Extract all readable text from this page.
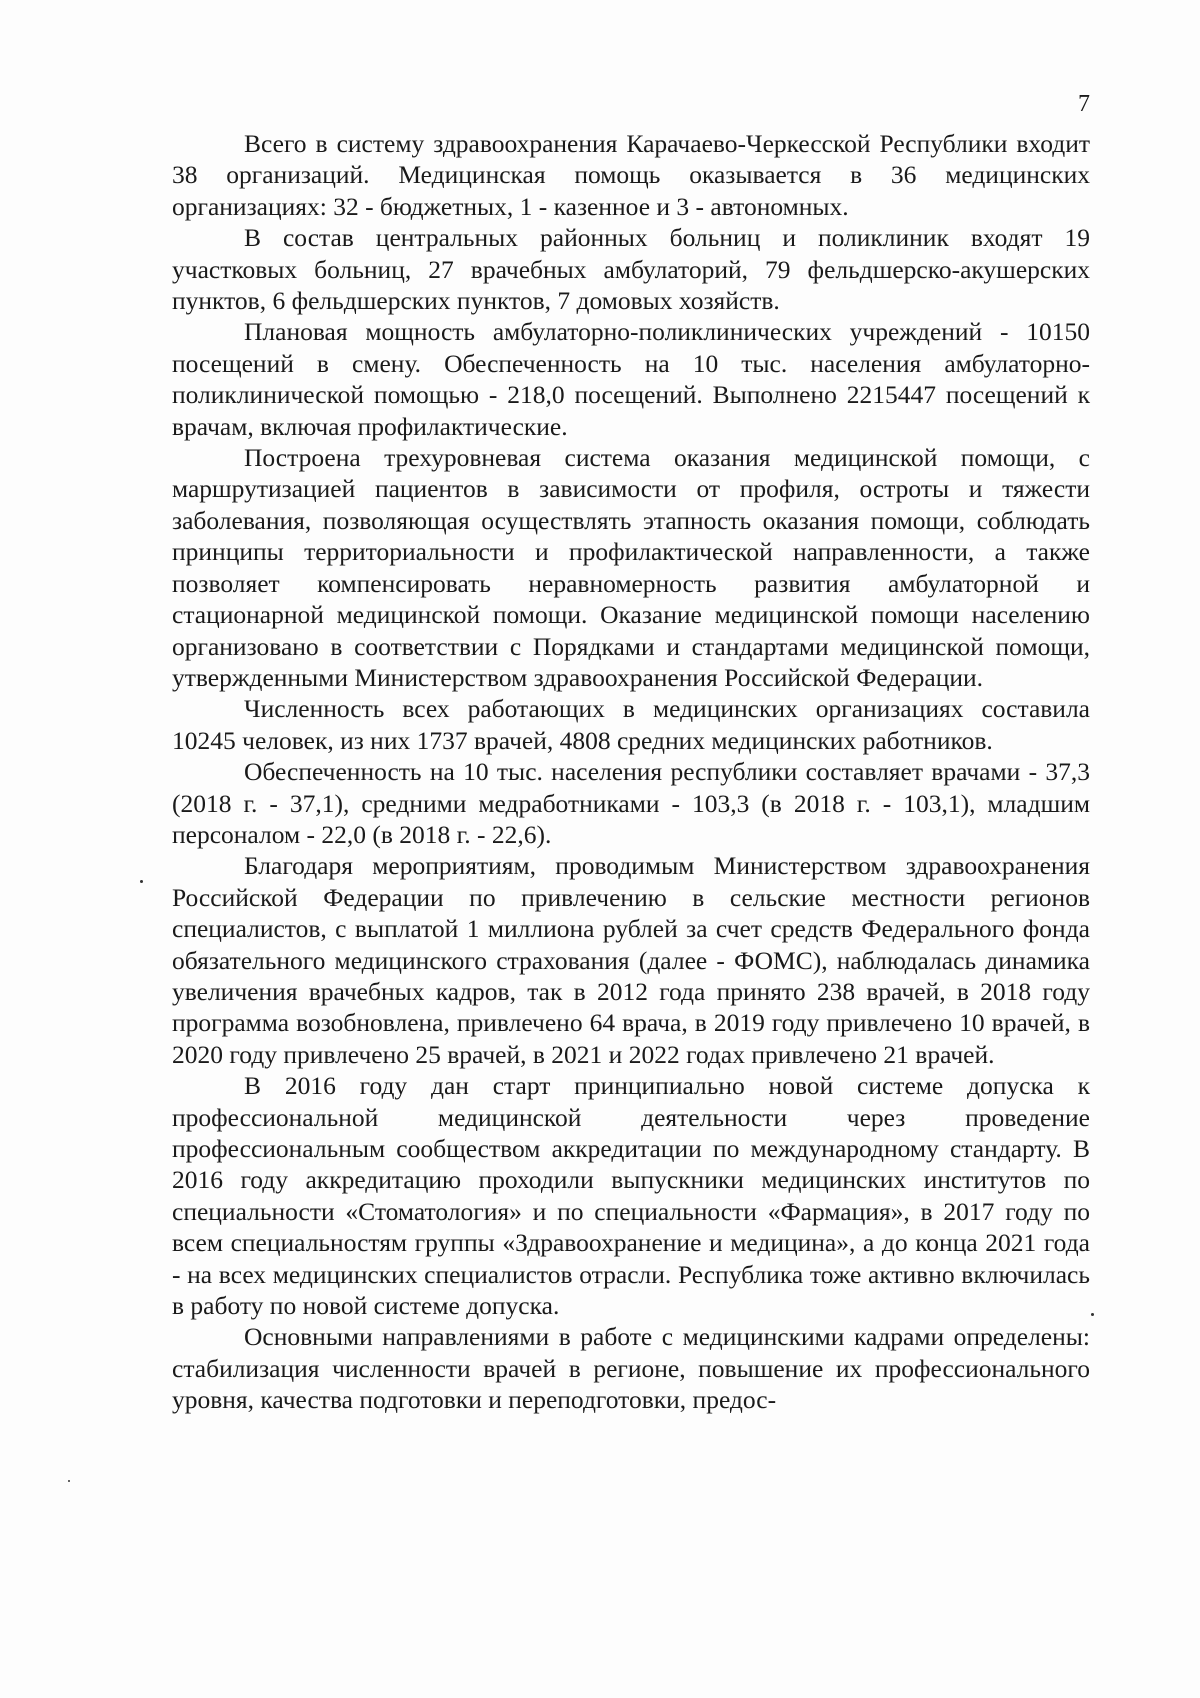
7

Всего в систему здравоохранения Карачаево-Черкесской Республики входит 38 организаций. Медицинская помощь оказывается в 36 медицинских организациях: 32 - бюджетных, 1 - казенное и 3 - автономных.

В состав центральных районных больниц и поликлиник входят 19 участковых больниц, 27 врачебных амбулаторий, 79 фельдшерско-акушерских пунктов, 6 фельдшерских пунктов, 7 домовых хозяйств.

Плановая мощность амбулаторно-поликлинических учреждений - 10150 посещений в смену. Обеспеченность на 10 тыс. населения амбулаторно-поликлинической помощью - 218,0 посещений. Выполнено 2215447 посещений к врачам, включая профилактические.

Построена трехуровневая система оказания медицинской помощи, с маршрутизацией пациентов в зависимости от профиля, остроты и тяжести заболевания, позволяющая осуществлять этапность оказания помощи, соблюдать принципы территориальности и профилактической направленности, а также позволяет компенсировать неравномерность развития амбулаторной и стационарной медицинской помощи. Оказание медицинской помощи населению организовано в соответствии с Порядками и стандартами медицинской помощи, утвержденными Министерством здравоохранения Российской Федерации.

Численность всех работающих в медицинских организациях составила 10245 человек, из них 1737 врачей, 4808 средних медицинских работников.

Обеспеченность на 10 тыс. населения республики составляет врачами - 37,3 (2018 г. - 37,1), средними медработниками - 103,3 (в 2018 г. - 103,1), младшим персоналом - 22,0 (в 2018 г. - 22,6).

Благодаря мероприятиям, проводимым Министерством здравоохранения Российской Федерации по привлечению в сельские местности регионов специалистов, с выплатой 1 миллиона рублей за счет средств Федерального фонда обязательного медицинского страхования (далее - ФОМС), наблюдалась динамика увеличения врачебных кадров, так в 2012 года принято 238 врачей, в 2018 году программа возобновлена, привлечено 64 врача, в 2019 году привлечено 10 врачей, в 2020 году привлечено 25 врачей, в 2021 и 2022 годах привлечено 21 врачей.

В 2016 году дан старт принципиально новой системе допуска к профессиональной медицинской деятельности через проведение профессиональным сообществом аккредитации по международному стандарту. В 2016 году аккредитацию проходили выпускники медицинских институтов по специальности «Стоматология» и по специальности «Фармация», в 2017 году по всем специальностям группы «Здравоохранение и медицина», а до конца 2021 года - на всех медицинских специалистов отрасли. Республика тоже активно включилась в работу по новой системе допуска.

Основными направлениями в работе с медицинскими кадрами определены: стабилизация численности врачей в регионе, повышение их профессионального уровня, качества подготовки и переподготовки, предос-
